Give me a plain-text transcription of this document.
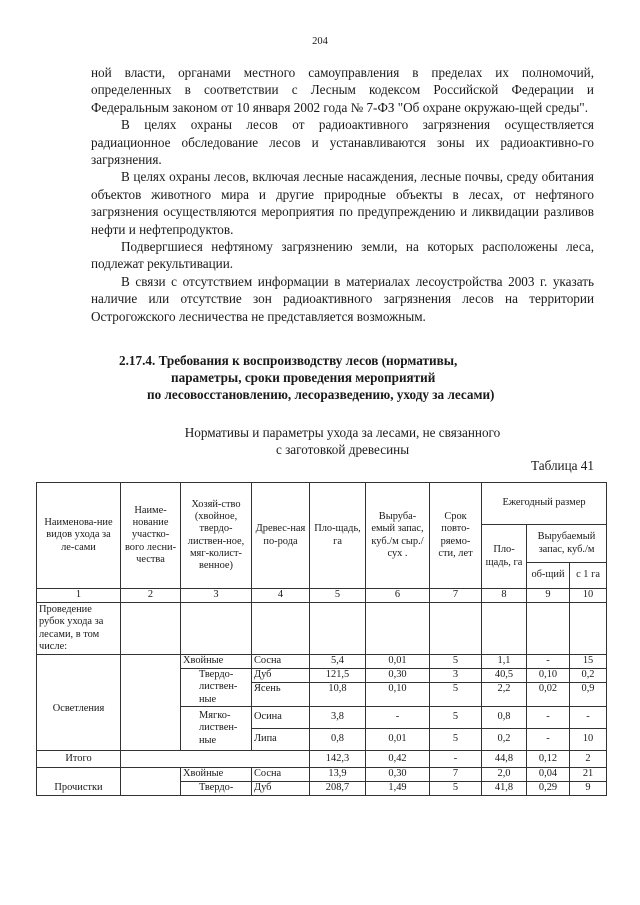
204

ной власти, органами местного самоуправления в пределах их полномочий, определенных в соответствии с Лесным кодексом Российской Федерации и Федеральным законом от 10 января 2002 года № 7-ФЗ "Об охране окружаю-щей среды".

В целях охраны лесов от радиоактивного загрязнения осуществляется радиационное обследование лесов и устанавливаются зоны их радиоактивно-го загрязнения.

В целях охраны лесов, включая лесные насаждения, лесные почвы, среду обитания объектов животного мира и другие природные объекты в лесах, от нефтяного загрязнения осуществляются мероприятия по предупреждению и ликвидации разливов нефти и нефтепродуктов.

Подвергшиеся нефтяному загрязнению земли, на которых расположены леса, подлежат рекультивации.

В связи с отсутствием информации в материалах лесоустройства 2003 г. указать наличие или отсутствие зон радиоактивного загрязнения лесов на территории Острогожского лесничества не представляется возможным.

2.17.4. Требования к воспроизводству лесов (нормативы,
параметры, сроки проведения мероприятий
по лесовосстановлению, лесоразведению, уходу за лесами)
Нормативы и параметры ухода за лесами, не связанного
с заготовкой древесины
Таблица 41
Наименова-ние видов ухода за ле-сами	Наиме-нование участко-вого лесни-чества	Хозяй-ство (хвойное, твердо-листвен-ное, мяг-колист-венное)	Древес-ная по-рода	Пло-щадь, га	Выруба-емый запас, куб./м сыр./сух .	Срок повто-ряемо-сти, лет	Ежегодный размер		
							Пло-щадь, га	Вырубаемый запас, куб./м	
								об-щий	с 1 га
1	2	3	4	5	6	7	8	9	10
Проведение рубок ухода за лесами, в том числе:									
		Хвойные	Сосна	5,4	0,01	5	1,1	-	15
Осветления		Твердо-листвен-ные	Дуб	121,5	0,30	3	40,5	0,10	0,2
			Ясень	10,8	0,10	5	2,2	0,02	0,9

		Мягко-листвен-ные	Осина	3,8	-	5	0,8	-	-
			Липа	0,8	0,01	5	0,2	-	10
Итого				142,3	0,42	-	44,8	0,12	2
		Хвойные	Сосна	13,9	0,30	7	2,0	0,04	21
Прочистки		Твердо-	Дуб	208,7	1,49	5	41,8	0,29	9
